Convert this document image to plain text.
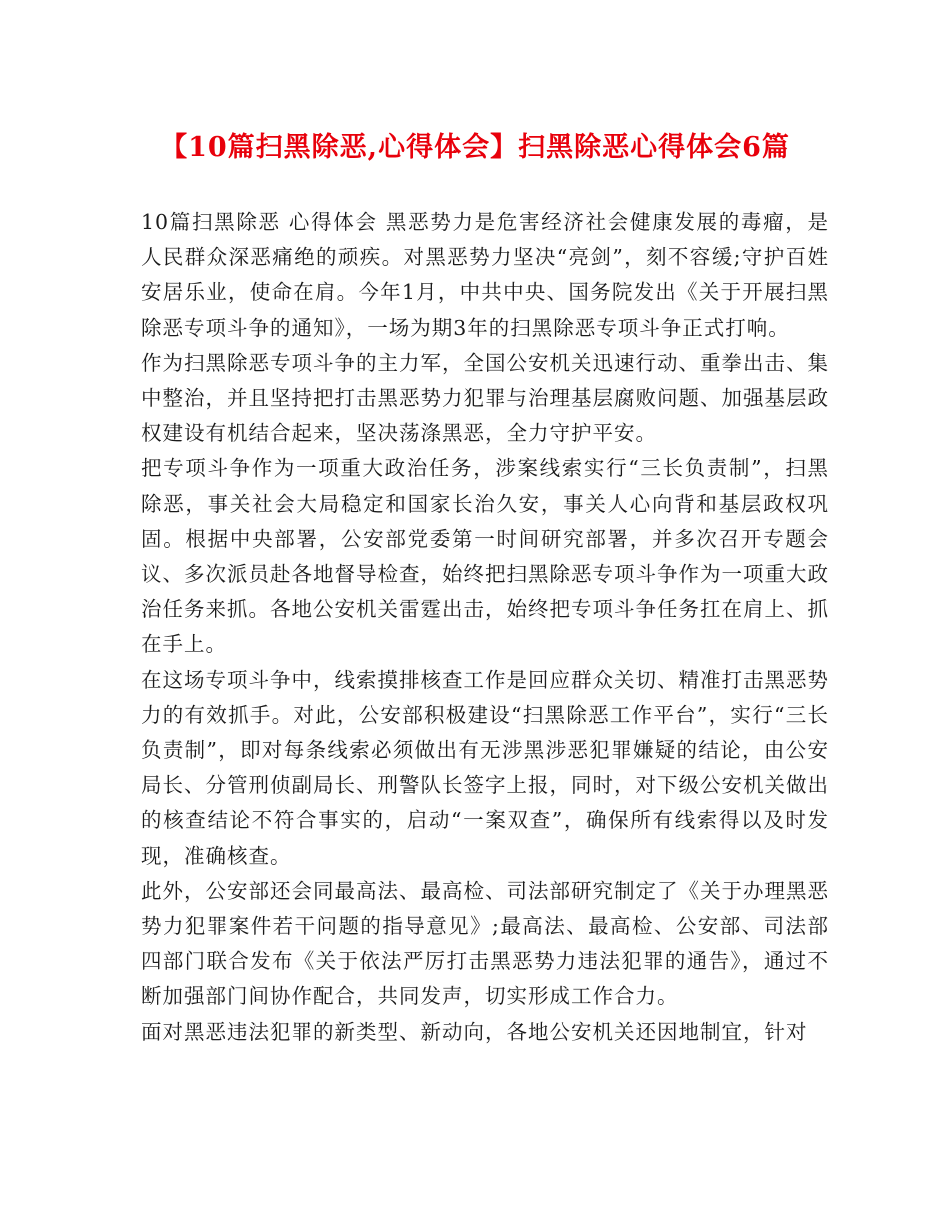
【10篇扫黑除恶,心得体会】扫黑除恶心得体会6篇

10篇扫黑除恶 心得体会 黑恶势力是危害经济社会健康发展的毒瘤，是人民群众深恶痛绝的顽疾。对黑恶势力坚决“亮剑”，刻不容缓;守护百姓安居乐业，使命在肩。今年1月，中共中央、国务院发出《关于开展扫黑除恶专项斗争的通知》，一场为期3年的扫黑除恶专项斗争正式打响。

作为扫黑除恶专项斗争的主力军，全国公安机关迅速行动、重拳出击、集中整治，并且坚持把打击黑恶势力犯罪与治理基层腐败问题、加强基层政权建设有机结合起来，坚决荡涤黑恶，全力守护平安。

把专项斗争作为一项重大政治任务，涉案线索实行“三长负责制”，扫黑除恶，事关社会大局稳定和国家长治久安，事关人心向背和基层政权巩固。根据中央部署，公安部党委第一时间研究部署，并多次召开专题会议、多次派员赴各地督导检查，始终把扫黑除恶专项斗争作为一项重大政治任务来抓。各地公安机关雷霆出击，始终把专项斗争任务扛在肩上、抓在手上。

在这场专项斗争中，线索摸排核查工作是回应群众关切、精准打击黑恶势力的有效抓手。对此，公安部积极建设“扫黑除恶工作平台”，实行“三长负责制”，即对每条线索必须做出有无涉黑涉恶犯罪嫌疑的结论，由公安局长、分管刑侦副局长、刑警队长签字上报，同时，对下级公安机关做出的核查结论不符合事实的，启动“一案双查”，确保所有线索得以及时发现，准确核查。

此外，公安部还会同最高法、最高检、司法部研究制定了《关于办理黑恶势力犯罪案件若干问题的指导意见》;最高法、最高检、公安部、司法部四部门联合发布《关于依法严厉打击黑恶势力违法犯罪的通告》，通过不断加强部门间协作配合，共同发声，切实形成工作合力。

面对黑恶违法犯罪的新类型、新动向，各地公安机关还因地制宜，针对
